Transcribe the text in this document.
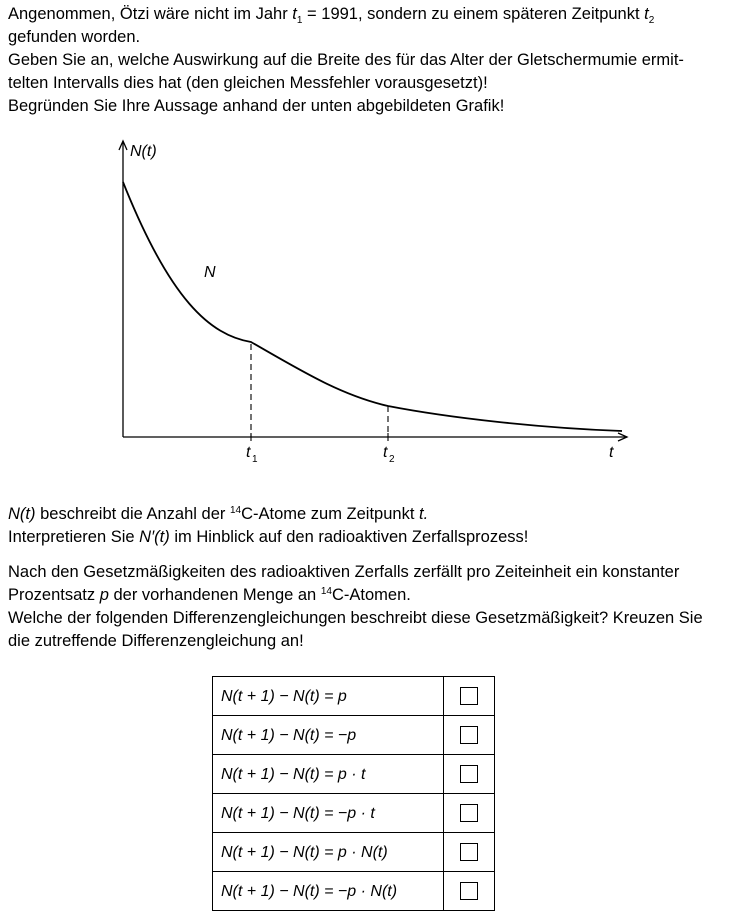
Angenommen, Ötzi wäre nicht im Jahr $t_1 = 1991$, sondern zu einem späteren Zeitpunkt $t_2$
gefunden worden.
Geben Sie an, welche Auswirkung auf die Breite des für das Alter der Gletschermumie ermit-
telten Intervalls dies hat (den gleichen Messfehler vorausgesetzt)!
Begründen Sie Ihre Aussage anhand der unten abgebildeten Grafik!

N(t)
N
t
t 1	t 2

N(t) beschreibt die Anzahl der $^{14}$C-Atome zum Zeitpunkt t.
Interpretieren Sie N′(t) im Hinblick auf den radioaktiven Zerfallsprozess!

Nach den Gesetzmäßigkeiten des radioaktiven Zerfalls zerfällt pro Zeiteinheit ein konstanter
Prozentsatz p der vorhandenen Menge an $^{14}$C-Atomen.
Welche der folgenden Differenzengleichungen beschreibt diese Gesetzmäßigkeit? Kreuzen Sie
die zutreffende Differenzengleichung an!

N(t + 1) − N(t) = p	
N(t + 1) − N(t) = −p	
N(t + 1) − N(t) = p · t	
N(t + 1) − N(t) = −p · t	
N(t + 1) − N(t) = p · N(t)	
N(t + 1) − N(t) = −p · N(t)	
